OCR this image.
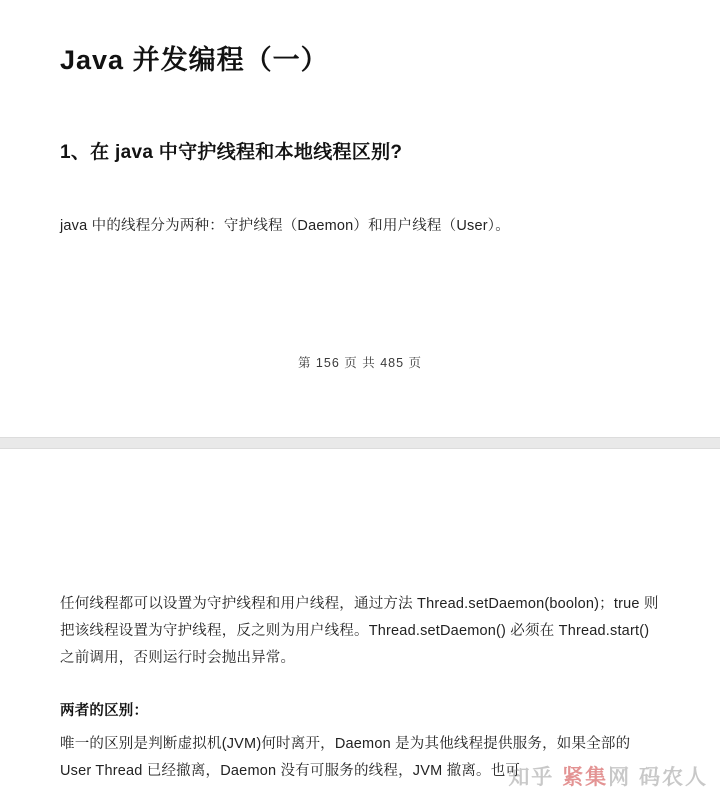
Java 并发编程（一）
1、在 java 中守护线程和本地线程区别?

java 中的线程分为两种：守护线程（Daemon）和用户线程（User）。

第 156 页 共 485 页

任何线程都可以设置为守护线程和用户线程，通过方法 Thread.setDaemon(boolon)；true 则把该线程设置为守护线程，反之则为用户线程。Thread.setDaemon() 必须在 Thread.start()之前调用，否则运行时会抛出异常。

两者的区别：

唯一的区别是判断虚拟机(JVM)何时离开，Daemon 是为其他线程提供服务，如果全部的 User Thread 已经撤离，Daemon 没有可服务的线程，JVM 撤离。也可

知乎 紧集网 码农人
